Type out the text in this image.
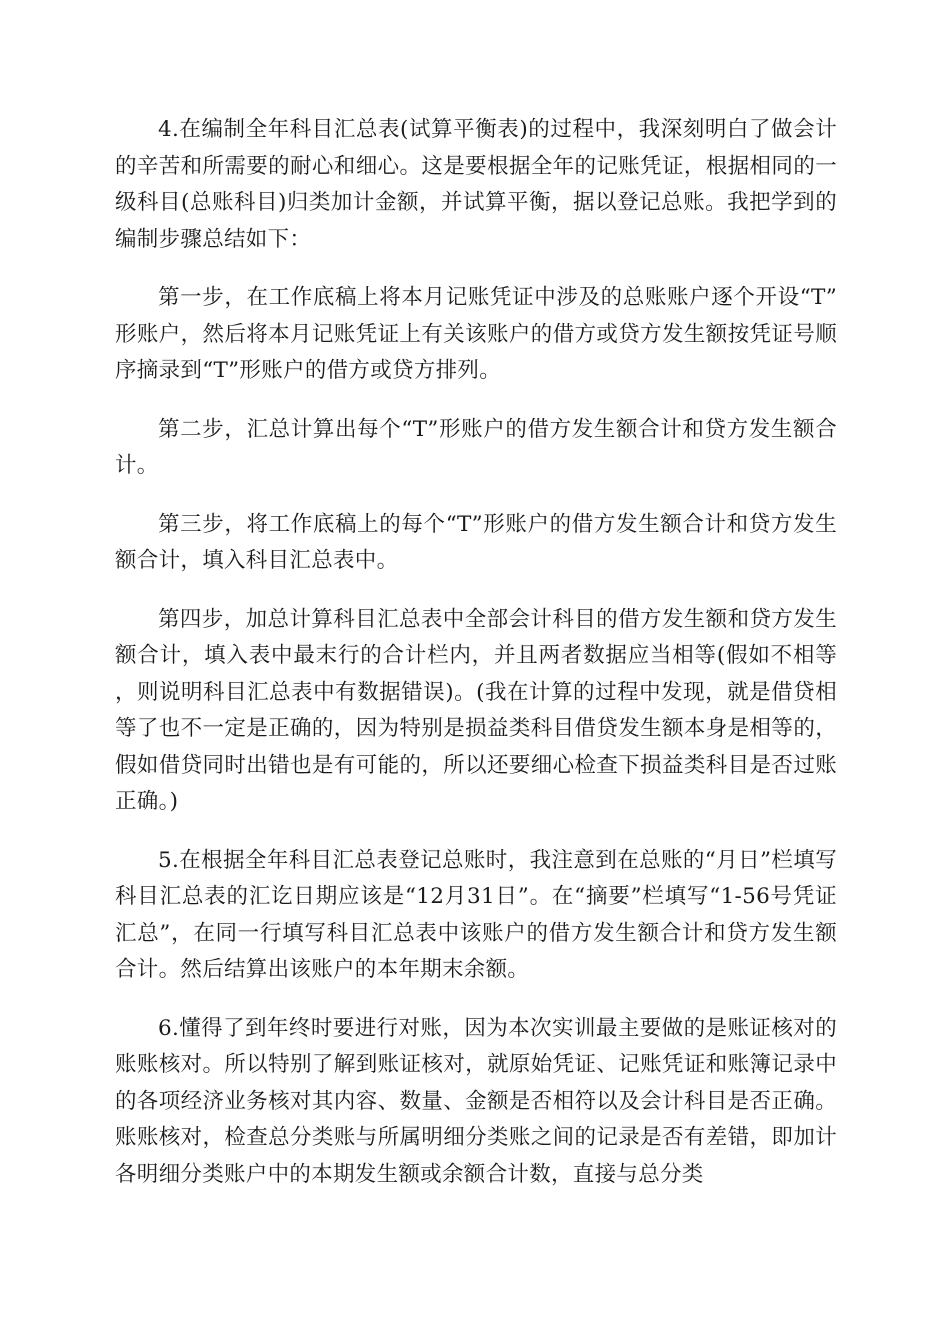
4.在编制全年科目汇总表(试算平衡表)的过程中，我深刻明白了做会计的辛苦和所需要的耐心和细心。这是要根据全年的记账凭证，根据相同的一级科目(总账科目)归类加计金额，并试算平衡，据以登记总账。我把学到的编制步骤总结如下：

第一步，在工作底稿上将本月记账凭证中涉及的总账账户逐个开设“T”形账户，然后将本月记账凭证上有关该账户的借方或贷方发生额按凭证号顺序摘录到“T”形账户的借方或贷方排列。

第二步，汇总计算出每个“T”形账户的借方发生额合计和贷方发生额合计。

第三步，将工作底稿上的每个“T”形账户的借方发生额合计和贷方发生额合计，填入科目汇总表中。

第四步，加总计算科目汇总表中全部会计科目的借方发生额和贷方发生额合计，填入表中最末行的合计栏内，并且两者数据应当相等(假如不相等，则说明科目汇总表中有数据错误)。(我在计算的过程中发现，就是借贷相等了也不一定是正确的，因为特别是损益类科目借贷发生额本身是相等的，假如借贷同时出错也是有可能的，所以还要细心检查下损益类科目是否过账正确。)

5.在根据全年科目汇总表登记总账时，我注意到在总账的“月日”栏填写科目汇总表的汇讫日期应该是“12月31日”。在“摘要”栏填写“1-56号凭证汇总”，在同一行填写科目汇总表中该账户的借方发生额合计和贷方发生额合计。然后结算出该账户的本年期末余额。

6.懂得了到年终时要进行对账，因为本次实训最主要做的是账证核对的账账核对。所以特别了解到账证核对，就原始凭证、记账凭证和账簿记录中的各项经济业务核对其内容、数量、金额是否相符以及会计科目是否正确。账账核对，检查总分类账与所属明细分类账之间的记录是否有差错，即加计各明细分类账户中的本期发生额或余额合计数，直接与总分类
